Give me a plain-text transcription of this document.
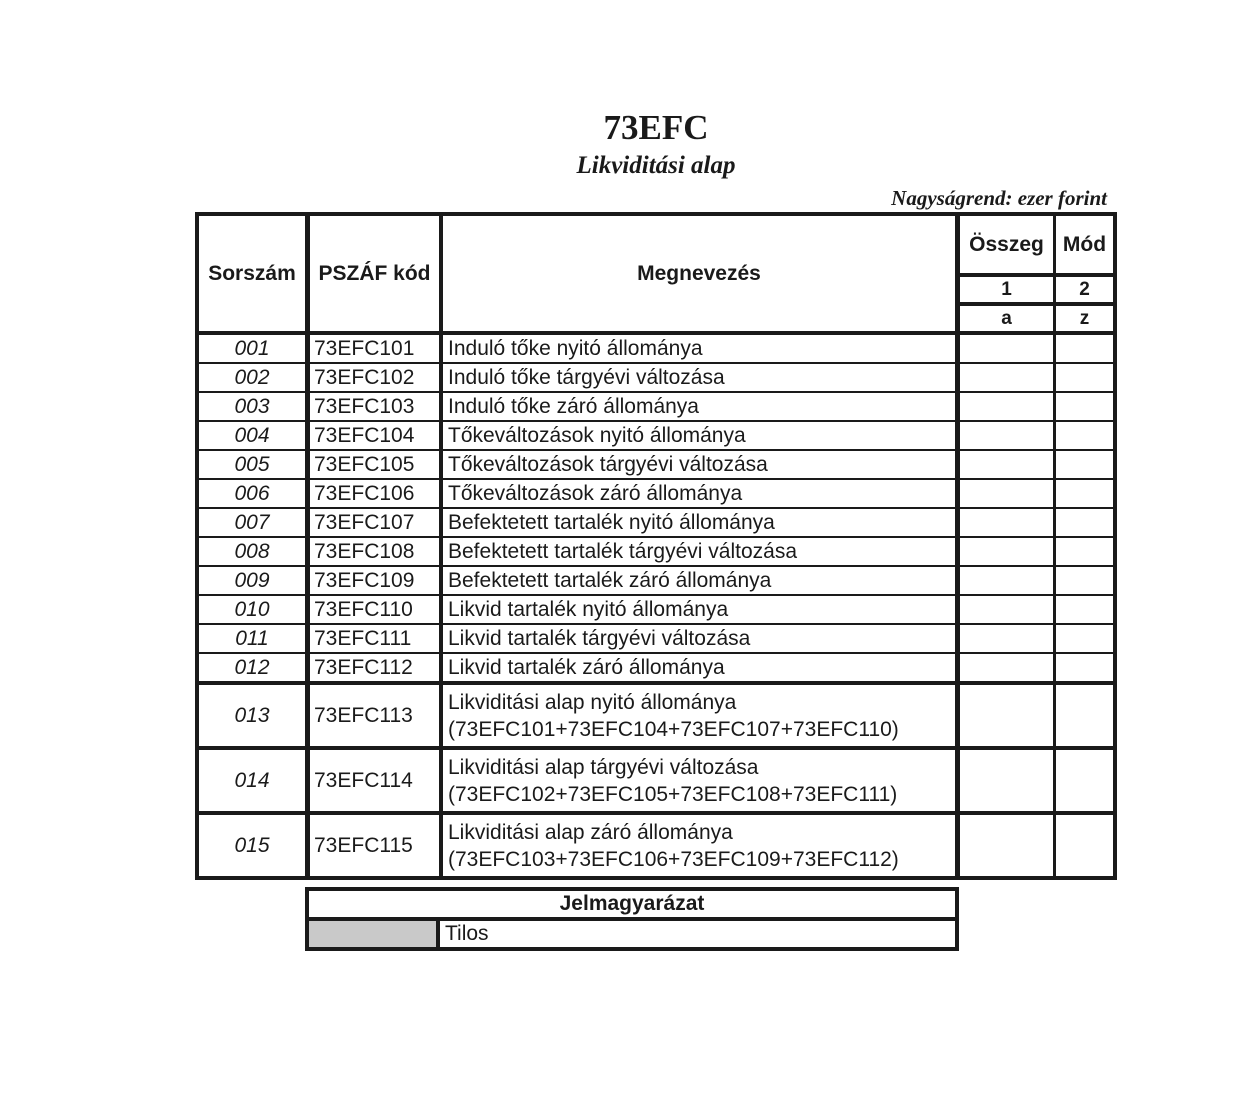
73EFC
Likviditási alap
Nagyságrend: ezer forint
Sorszám	PSZÁF kód	Megnevezés	Összeg	Mód
			1	2
			a	z
001	73EFC101	Induló tőke nyitó állománya		
002	73EFC102	Induló tőke tárgyévi változása		
003	73EFC103	Induló tőke záró állománya		
004	73EFC104	Tőkeváltozások nyitó állománya		
005	73EFC105	Tőkeváltozások tárgyévi változása		
006	73EFC106	Tőkeváltozások záró állománya		
007	73EFC107	Befektetett tartalék nyitó állománya		
008	73EFC108	Befektetett tartalék tárgyévi változása		
009	73EFC109	Befektetett tartalék záró állománya		
010	73EFC110	Likvid tartalék nyitó állománya		
011	73EFC111	Likvid tartalék tárgyévi változása		
012	73EFC112	Likvid tartalék záró állománya		
013	73EFC113	Likviditási alap nyitó állománya
(73EFC101+73EFC104+73EFC107+73EFC110)		

014	73EFC114	Likviditási alap tárgyévi változása
(73EFC102+73EFC105+73EFC108+73EFC111)		

015	73EFC115	Likviditási alap záró állománya
(73EFC103+73EFC106+73EFC109+73EFC112)		

Jelmagyarázat
	Tilos
